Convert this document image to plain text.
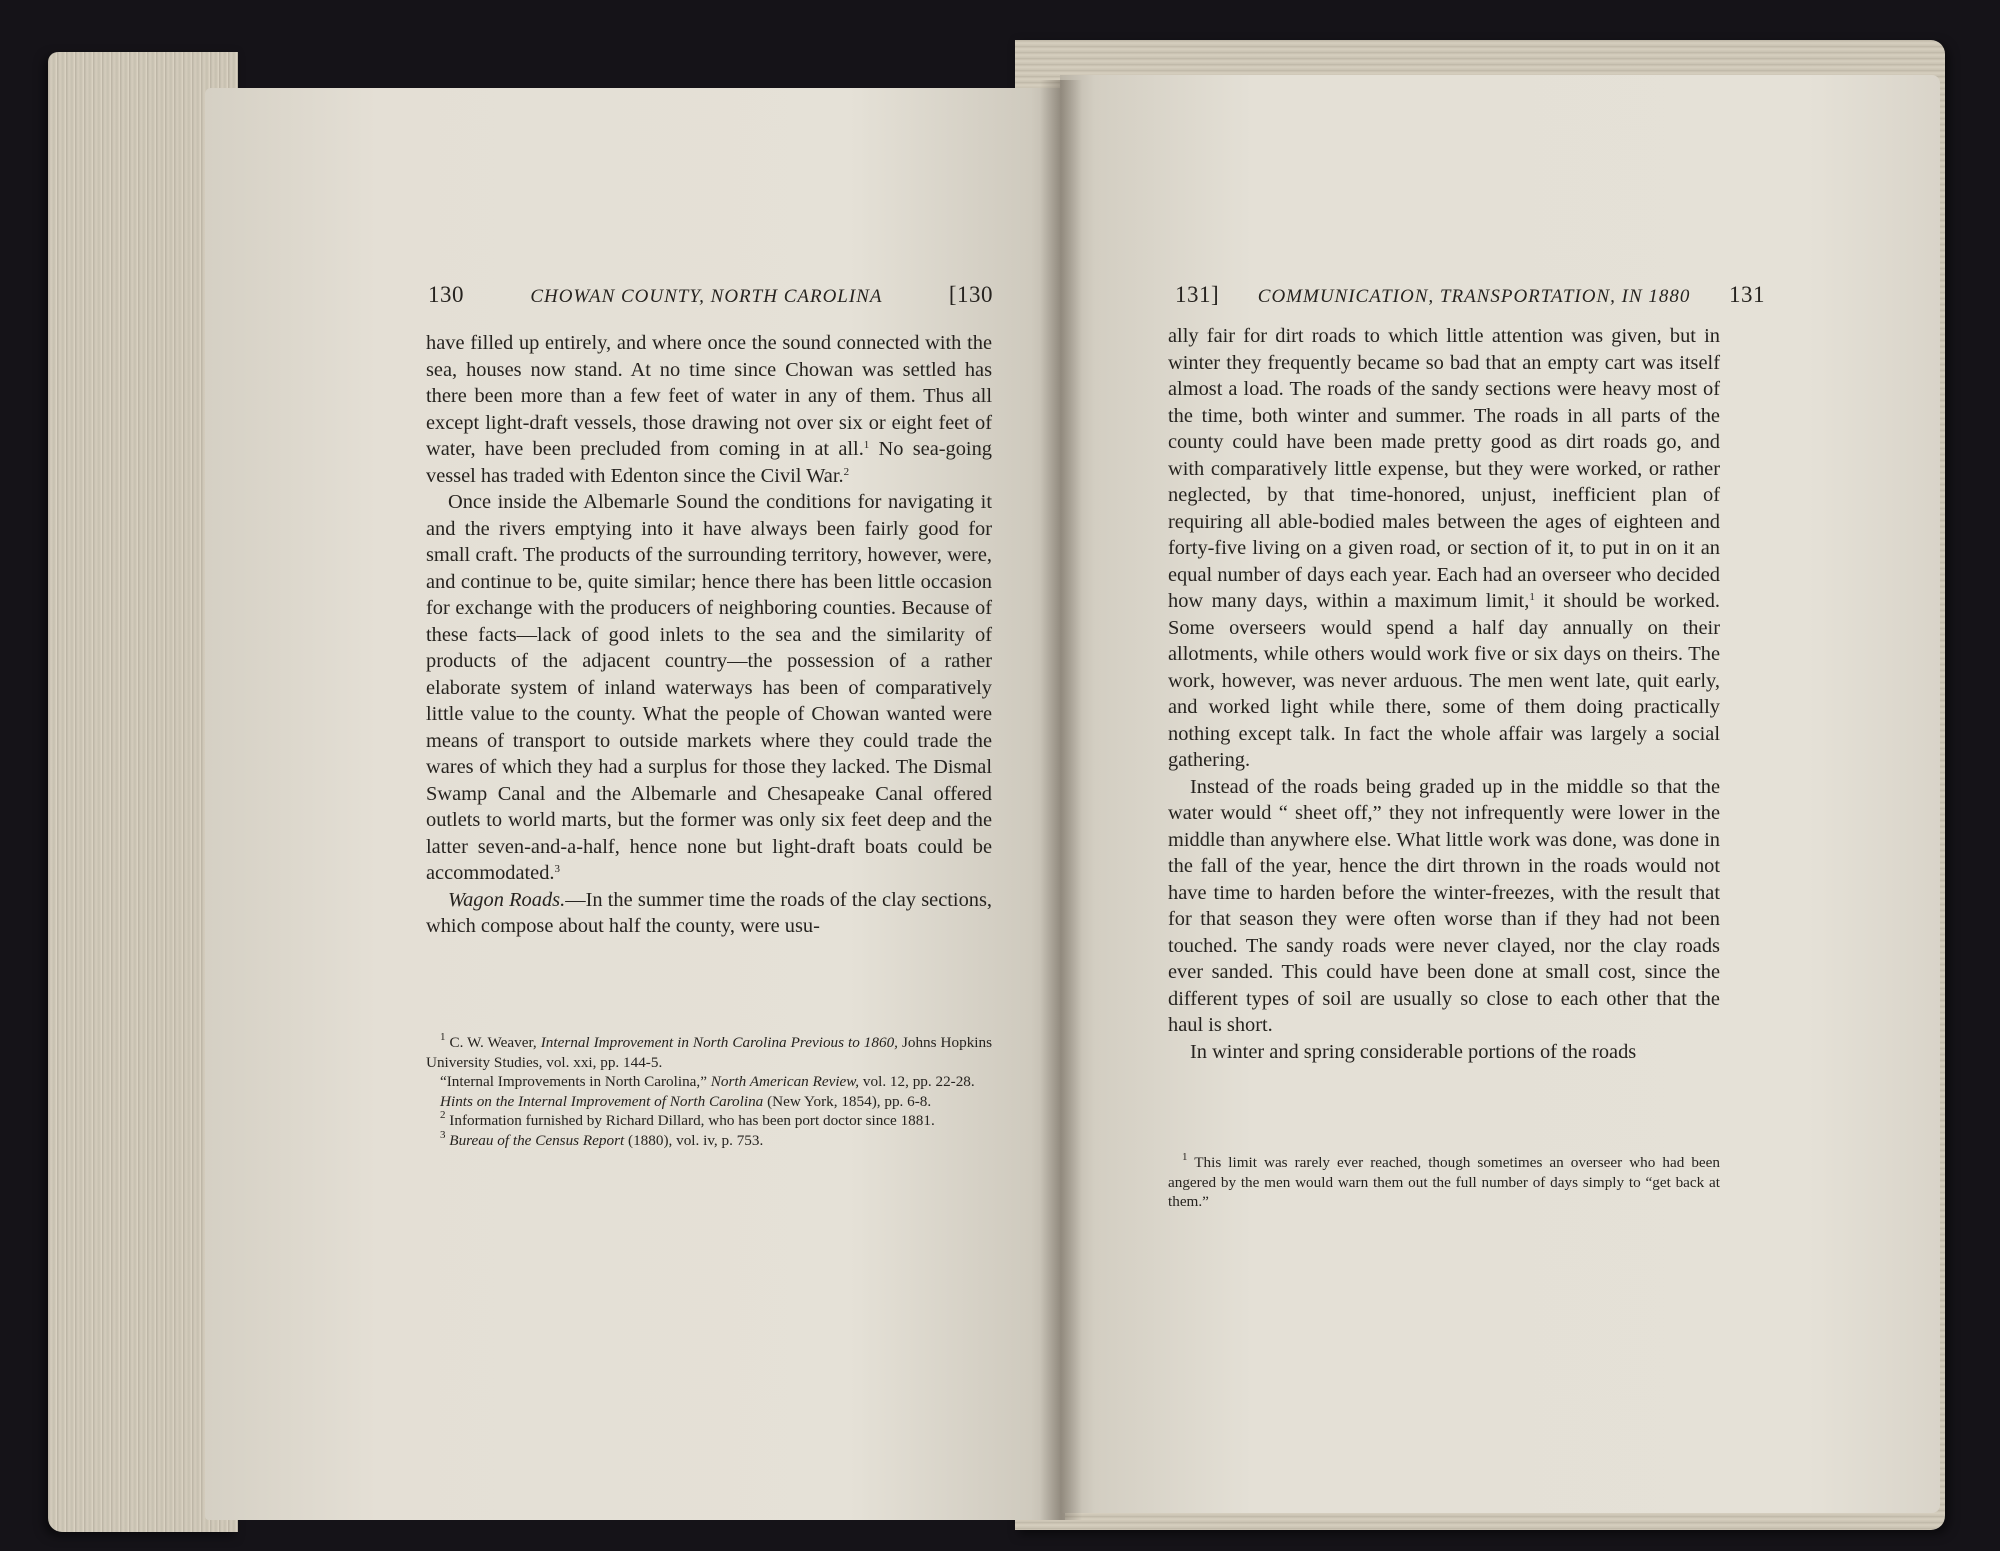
130	CHOWAN COUNTY, NORTH CAROLINA	[130

have filled up entirely, and where once the sound connected with the sea, houses now stand. At no time since Chowan was settled has there been more than a few feet of water in any of them. Thus all except light-draft vessels, those drawing not over six or eight feet of water, have been precluded from coming in at all.$^1$ No sea-going vessel has traded with Edenton since the Civil War.$^2$

Once inside the Albemarle Sound the conditions for navigating it and the rivers emptying into it have always been fairly good for small craft. The products of the surrounding territory, however, were, and continue to be, quite similar; hence there has been little occasion for exchange with the producers of neighboring counties. Because of these facts—lack of good inlets to the sea and the similarity of products of the adjacent country—the possession of a rather elaborate system of inland waterways has been of comparatively little value to the county. What the people of Chowan wanted were means of transport to outside markets where they could trade the wares of which they had a surplus for those they lacked. The Dismal Swamp Canal and the Albemarle and Chesapeake Canal offered outlets to world marts, but the former was only six feet deep and the latter seven-and-a-half, hence none but light-draft boats could be accommodated.$^3$

Wagon Roads.—In the summer time the roads of the clay sections, which compose about half the county, were usu-

$^1$ C. W. Weaver, Internal Improvement in North Carolina Previous to 1860, Johns Hopkins University Studies, vol. xxi, pp. 144-5.

“Internal Improvements in North Carolina,” North American Review, vol. 12, pp. 22-28.

Hints on the Internal Improvement of North Carolina (New York, 1854), pp. 6-8.

$^2$ Information furnished by Richard Dillard, who has been port doctor since 1881.

$^3$ Bureau of the Census Report (1880), vol. iv, p. 753.

131] COMMUNICATION, TRANSPORTATION, IN 1880 131

ally fair for dirt roads to which little attention was given, but in winter they frequently became so bad that an empty cart was itself almost a load. The roads of the sandy sections were heavy most of the time, both winter and summer. The roads in all parts of the county could have been made pretty good as dirt roads go, and with comparatively little expense, but they were worked, or rather neglected, by that time-honored, unjust, inefficient plan of requiring all able-bodied males between the ages of eighteen and forty-five living on a given road, or section of it, to put in on it an equal number of days each year. Each had an overseer who decided how many days, within a maximum limit,$^1$ it should be worked. Some overseers would spend a half day annually on their allotments, while others would work five or six days on theirs. The work, however, was never arduous. The men went late, quit early, and worked light while there, some of them doing practically nothing except talk. In fact the whole affair was largely a social gathering.

Instead of the roads being graded up in the middle so that the water would “ sheet off,” they not infrequently were lower in the middle than anywhere else. What little work was done, was done in the fall of the year, hence the dirt thrown in the roads would not have time to harden before the winter-freezes, with the result that for that season they were often worse than if they had not been touched. The sandy roads were never clayed, nor the clay roads ever sanded. This could have been done at small cost, since the different types of soil are usually so close to each other that the haul is short.

In winter and spring considerable portions of the roads

$^1$ This limit was rarely ever reached, though sometimes an overseer who had been angered by the men would warn them out the full number of days simply to “get back at them.”
